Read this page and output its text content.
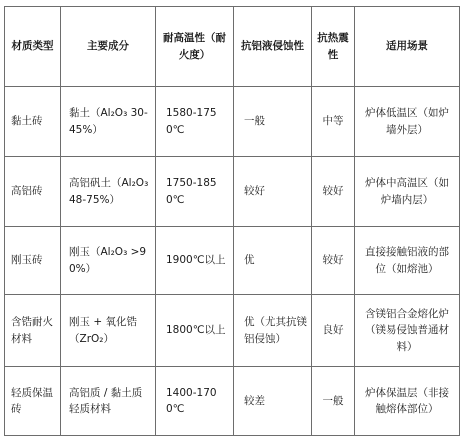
材质类型	主要成分	耐高温性（耐火度）	抗铝液侵蚀性	抗热震性	适用场景
黏土砖	黏土（Al₂O₃ 30-45%）	1580-1750℃	一般	中等	炉体低温区（如炉墙外层）
高铝砖	高铝矾土（Al₂O₃ 48-75%）	1750-1850℃	较好	较好	炉体中高温区（如炉墙内层）
刚玉砖	刚玉（Al₂O₃ >90%）	1900℃以上	优	较好	直接接触铝液的部位（如熔池）
含锆耐火材料	刚玉 + 氧化锆（ZrO₂）	1800℃以上	优（尤其抗镁铝侵蚀）	良好	含镁铝合金熔化炉（镁易侵蚀普通材料）
轻质保温砖	高铝质 / 黏土质轻质材料	1400-1700℃	较差	一般	炉体保温层（非接触熔体部位）
